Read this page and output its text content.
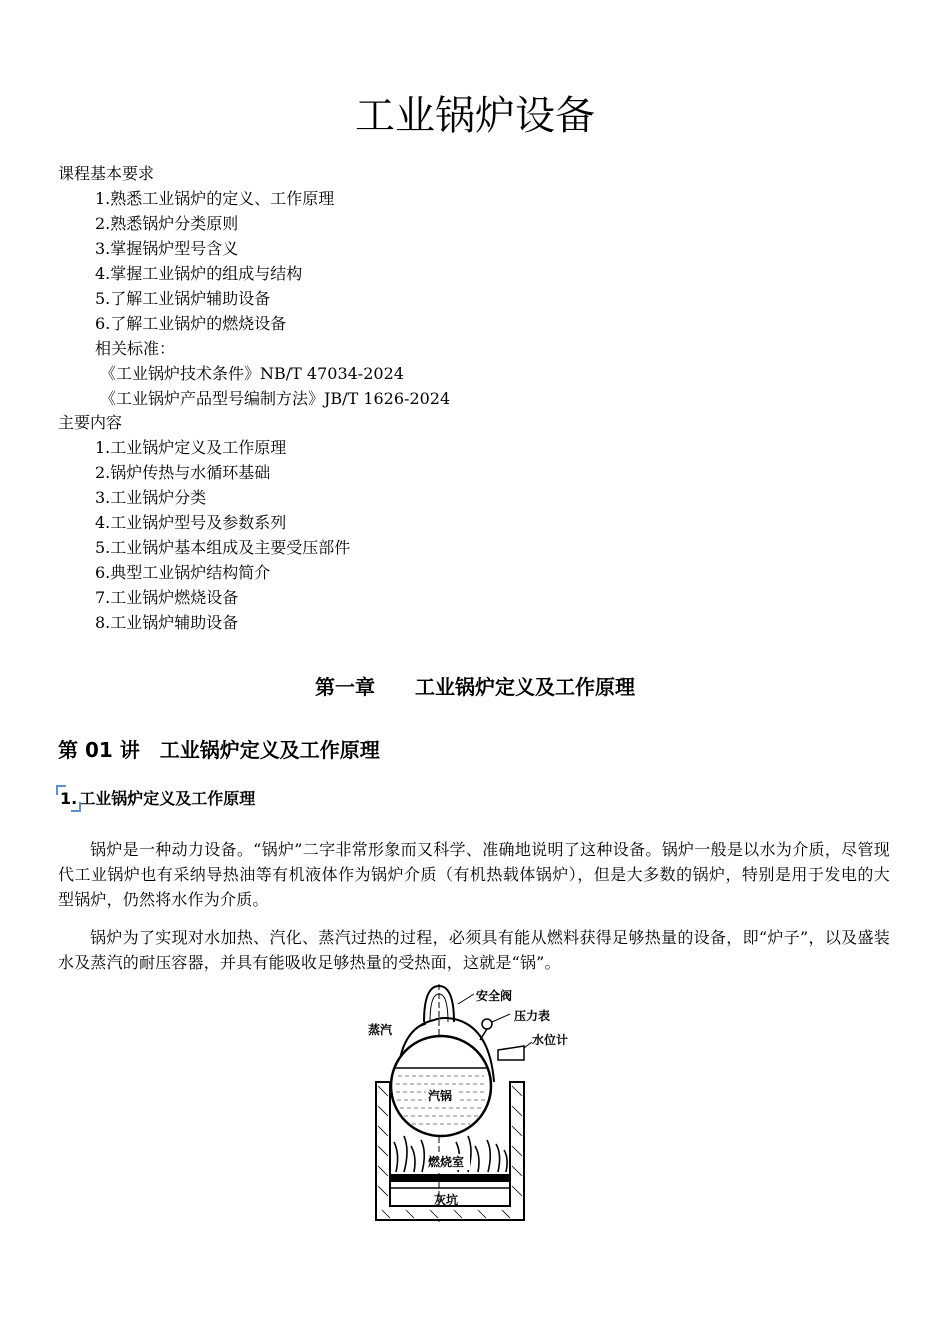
工业锅炉设备
课程基本要求
1.熟悉工业锅炉的定义、工作原理
2.熟悉锅炉分类原则
3.掌握锅炉型号含义
4.掌握工业锅炉的组成与结构
5.了解工业锅炉辅助设备
6.了解工业锅炉的燃烧设备
相关标准：
《工业锅炉技术条件》NB/T 47034-2024
《工业锅炉产品型号编制方法》JB/T 1626-2024
主要内容
1.工业锅炉定义及工作原理
2.锅炉传热与水循环基础
3.工业锅炉分类
4.工业锅炉型号及参数系列
5.工业锅炉基本组成及主要受压部件
6.典型工业锅炉结构简介
7.工业锅炉燃烧设备
8.工业锅炉辅助设备
第一章　　工业锅炉定义及工作原理
第 01 讲　工业锅炉定义及工作原理
1. 工业锅炉定义及工作原理
锅炉是一种动力设备。“锅炉”二字非常形象而又科学、准确地说明了这种设备。锅炉一般是以水为介质，尽管现代工业锅炉也有采纳导热油等有机液体作为锅炉介质（有机热载体锅炉），但是大多数的锅炉，特别是用于发电的大型锅炉，仍然将水作为介质。
锅炉为了实现对水加热、汽化、蒸汽过热的过程，必须具有能从燃料获得足够热量的设备，即“炉子”，以及盛装水及蒸汽的耐压容器，并具有能吸收足够热量的受热面，这就是“锅”。
安全阀
压力表
蒸汽
水位计
汽锅
燃烧室
灰坑
